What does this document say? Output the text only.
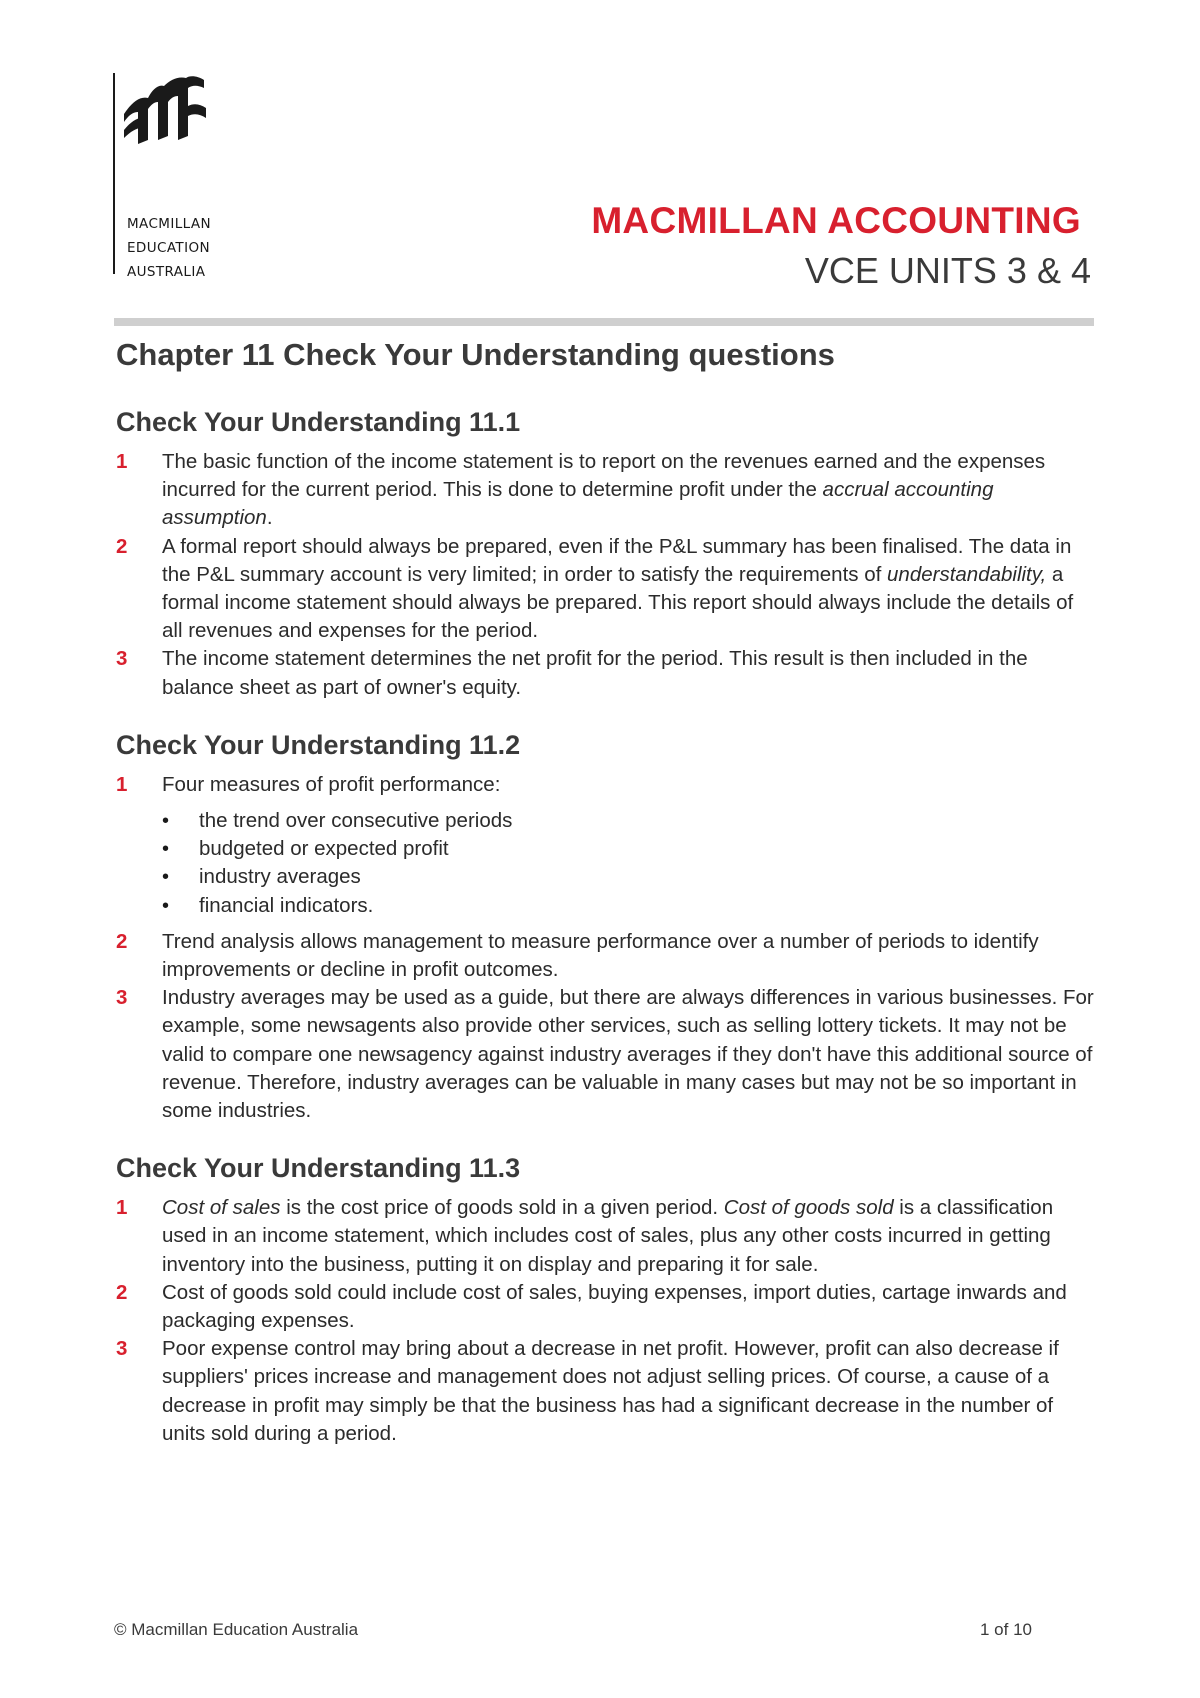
MACMILLAN
EDUCATION
AUSTRALIA
MACMILLAN ACCOUNTING
VCE UNITS 3 & 4
Chapter 11 Check Your Understanding questions
Check Your Understanding 11.1

1 The basic function of the income statement is to report on the revenues earned and the expenses incurred for the current period. This is done to determine profit under the accrual accounting assumption.

2 A formal report should always be prepared, even if the P&L summary has been finalised. The data in the P&L summary account is very limited; in order to satisfy the requirements of understandability, a formal income statement should always be prepared. This report should always include the details of all revenues and expenses for the period.

3 The income statement determines the net profit for the period. This result is then included in the balance sheet as part of owner's equity.

Check Your Understanding 11.2

1 Four measures of profit performance:

• the trend over consecutive periods
• budgeted or expected profit
• industry averages
• financial indicators.

2 Trend analysis allows management to measure performance over a number of periods to identify improvements or decline in profit outcomes.

3 Industry averages may be used as a guide, but there are always differences in various businesses. For example, some newsagents also provide other services, such as selling lottery tickets. It may not be valid to compare one newsagency against industry averages if they don't have this additional source of revenue. Therefore, industry averages can be valuable in many cases but may not be so important in some industries.

Check Your Understanding 11.3

1 Cost of sales is the cost price of goods sold in a given period. Cost of goods sold is a classification used in an income statement, which includes cost of sales, plus any other costs incurred in getting inventory into the business, putting it on display and preparing it for sale.

2 Cost of goods sold could include cost of sales, buying expenses, import duties, cartage inwards and packaging expenses.

3 Poor expense control may bring about a decrease in net profit. However, profit can also decrease if suppliers' prices increase and management does not adjust selling prices. Of course, a cause of a decrease in profit may simply be that the business has had a significant decrease in the number of units sold during a period.

© Macmillan Education Australia	1 of 10
